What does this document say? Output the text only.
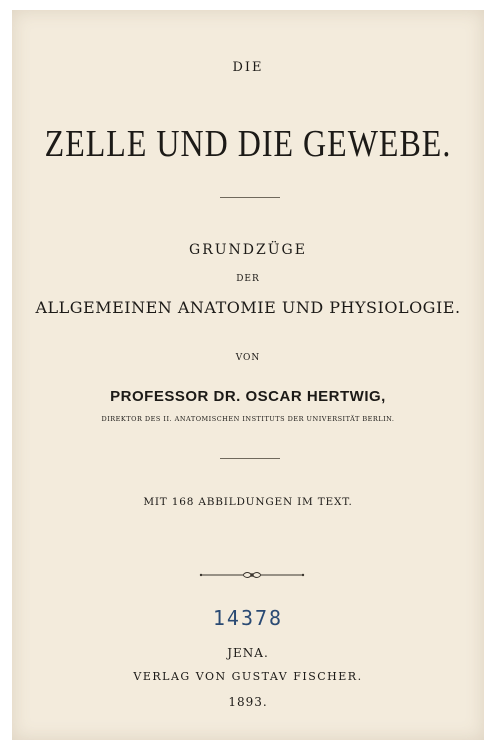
DIE
ZELLE UND DIE GEWEBE.
GRUNDZÜGE
DER
ALLGEMEINEN ANATOMIE UND PHYSIOLOGIE.
VON
PROFESSOR DR. OSCAR HERTWIG,
DIREKTOR DES II. ANATOMISCHEN INSTITUTS DER UNIVERSITÄT BERLIN.
MIT 168 ABBILDUNGEN IM TEXT.
14378
JENA.
VERLAG VON GUSTAV FISCHER.
1893.
